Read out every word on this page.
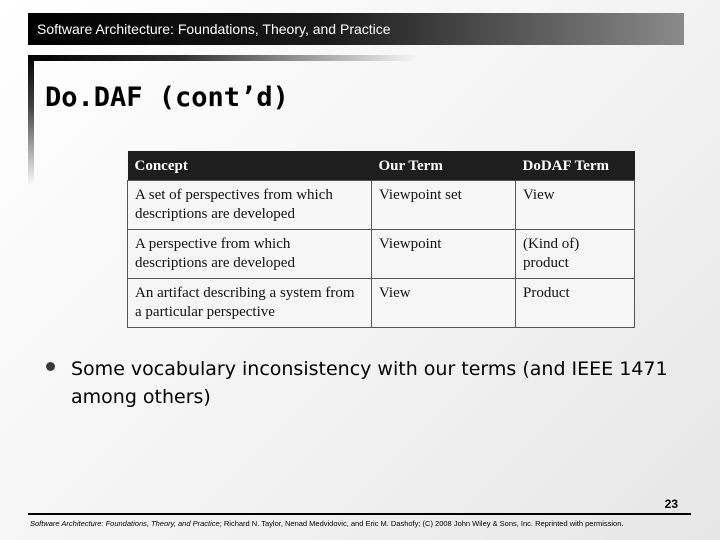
Software Architecture: Foundations, Theory, and Practice
Do.DAF (cont’d)
Concept	Our Term	DoDAF Term
A set of perspectives from which descriptions are developed	Viewpoint set	View
A perspective from which descriptions are developed	Viewpoint	(Kind of) product
An artifact describing a system from a particular perspective	View	Product

Some vocabulary inconsistency with our terms (and IEEE 1471 among others)

23
Software Architecture: Foundations, Theory, and Practice; Richard N. Taylor, Nenad Medvidovic, and Eric M. Dashofy; (C) 2008 John Wiley & Sons, Inc. Reprinted with permission.
